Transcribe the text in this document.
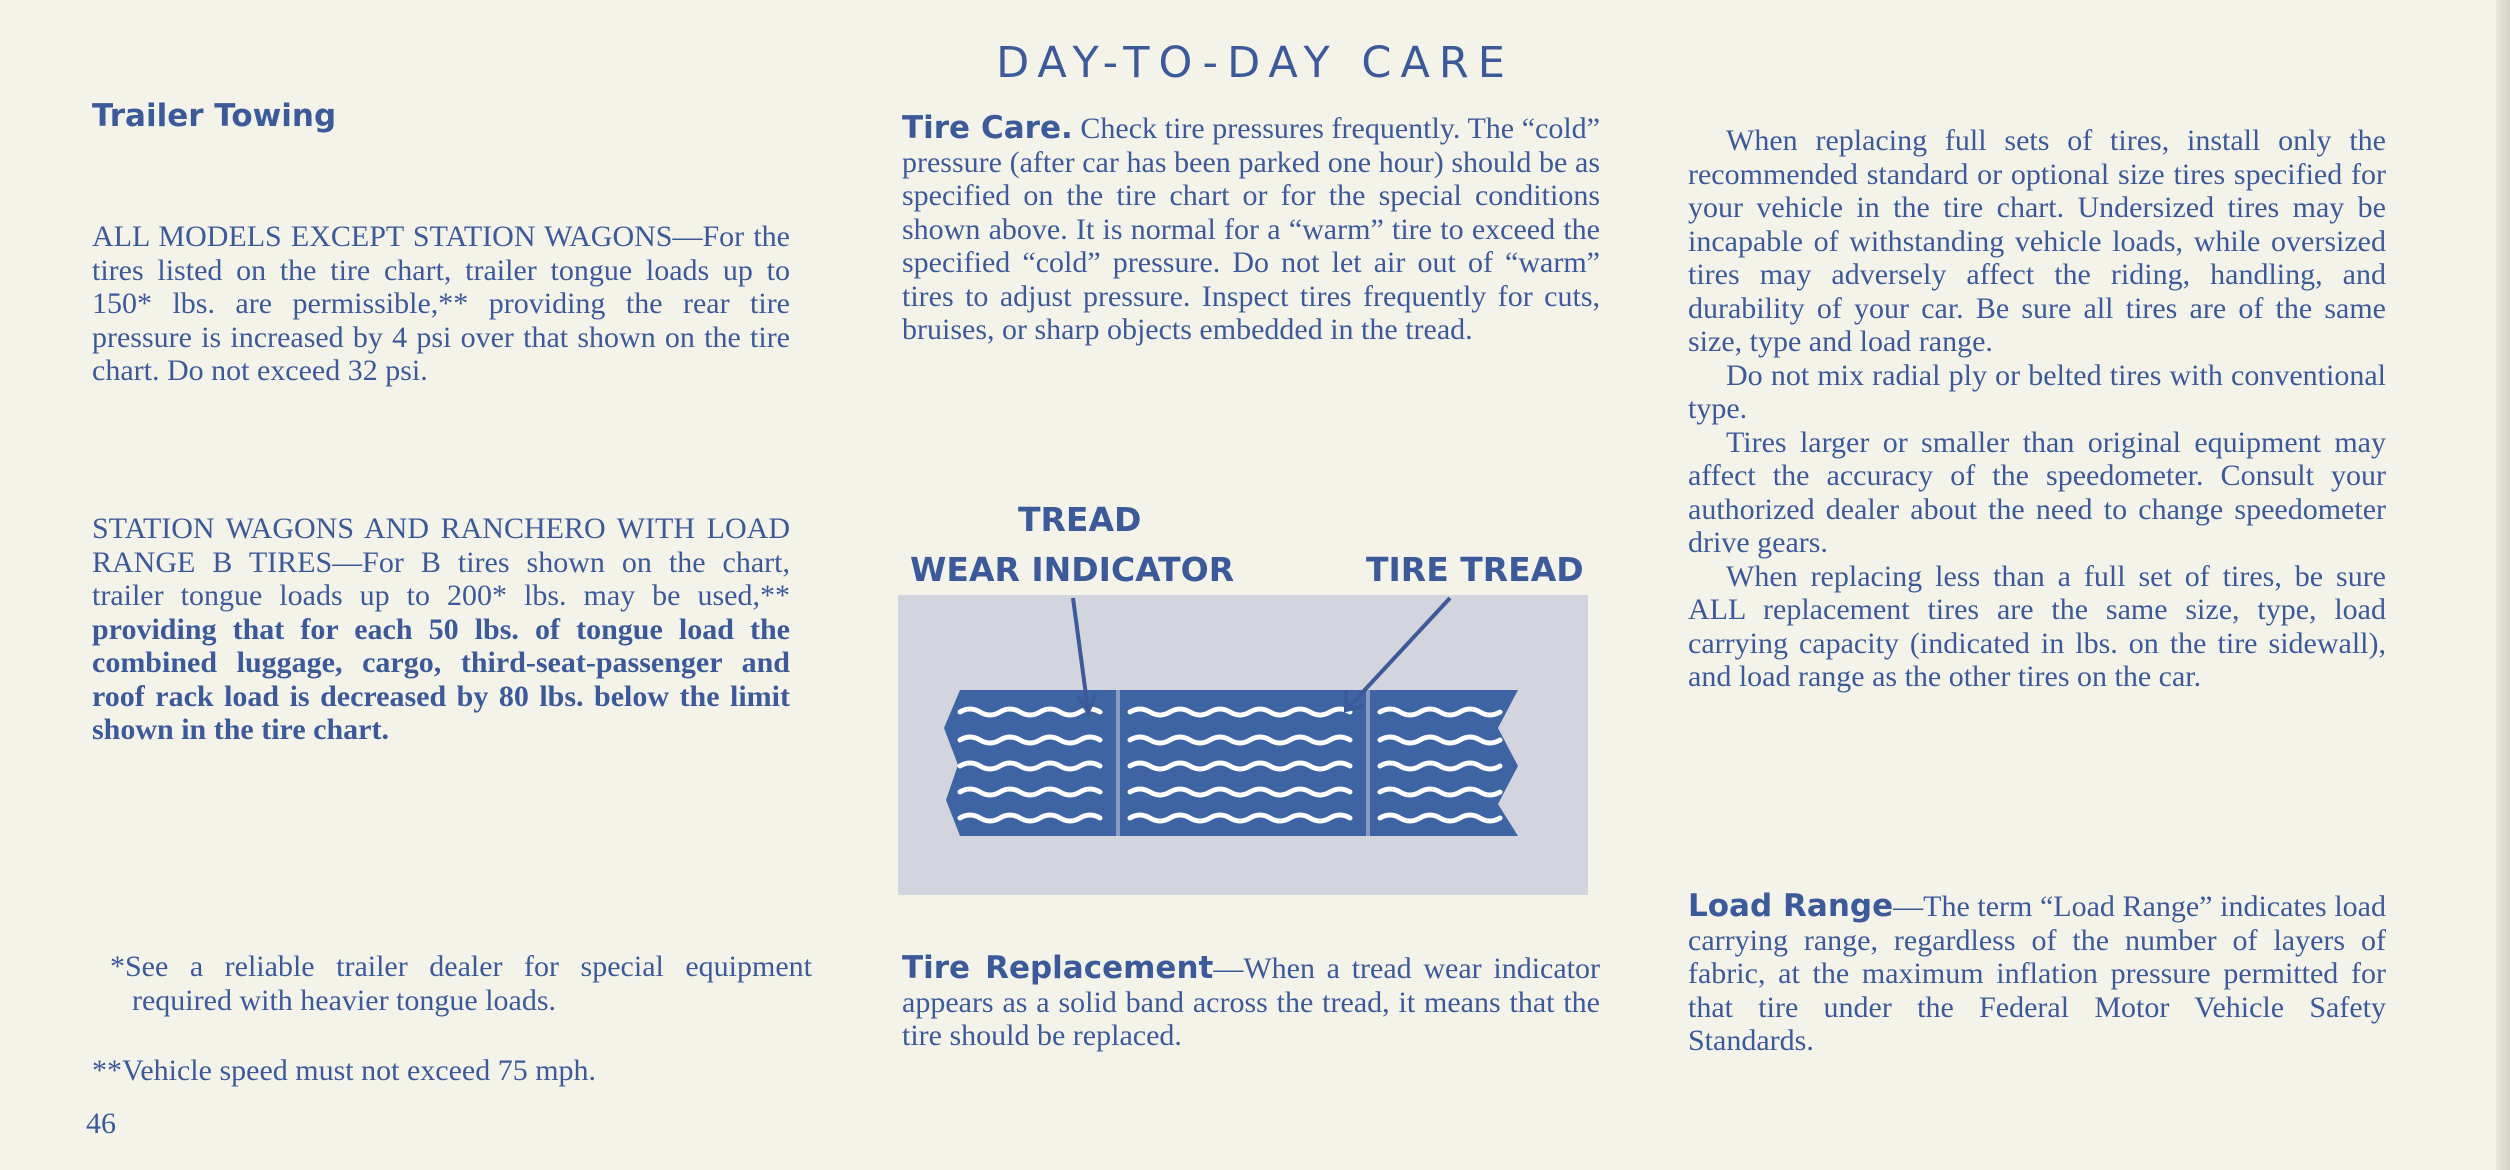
DAY-TO-DAY CARE
Trailer Towing

ALL MODELS EXCEPT STATION WAGONS—For the tires listed on the tire chart, trailer tongue loads up to 150* lbs. are permissible,** providing the rear tire pressure is increased by 4 psi over that shown on the tire chart. Do not exceed 32 psi.

STATION WAGONS AND RANCHERO WITH LOAD RANGE B TIRES—For B tires shown on the chart, trailer tongue loads up to 200* lbs. may be used,** providing that for each 50 lbs. of tongue load the combined luggage, cargo, third-seat-passenger and roof rack load is decreased by 80 lbs. below the limit shown in the tire chart.

*See a reliable trailer dealer for special equipment required with heavier tongue loads.

**Vehicle speed must not exceed 75 mph.

46

Tire Care. Check tire pressures frequently. The “cold” pressure (after car has been parked one hour) should be as specified on the tire chart or for the special conditions shown above. It is normal for a “warm” tire to exceed the specified “cold” pressure. Do not let air out of “warm” tires to adjust pressure. Inspect tires frequently for cuts, bruises, or sharp objects embedded in the tread.

TREAD

WEAR INDICATOR	TIRE TREAD

Tire Replacement—When a tread wear indicator appears as a solid band across the tread, it means that the tire should be replaced.

When replacing full sets of tires, install only the recommended standard or optional size tires specified for your vehicle in the tire chart. Undersized tires may be incapable of withstanding vehicle loads, while oversized tires may adversely affect the riding, handling, and durability of your car. Be sure all tires are of the same size, type and load range.

Do not mix radial ply or belted tires with conventional type.

Tires larger or smaller than original equipment may affect the accuracy of the speedometer. Consult your authorized dealer about the need to change speedometer drive gears.

When replacing less than a full set of tires, be sure ALL replacement tires are the same size, type, load carrying capacity (indicated in lbs. on the tire sidewall), and load range as the other tires on the car.

Load Range—The term “Load Range” indicates load carrying range, regardless of the number of layers of fabric, at the maximum inflation pressure permitted for that tire under the Federal Motor Vehicle Safety Standards.
